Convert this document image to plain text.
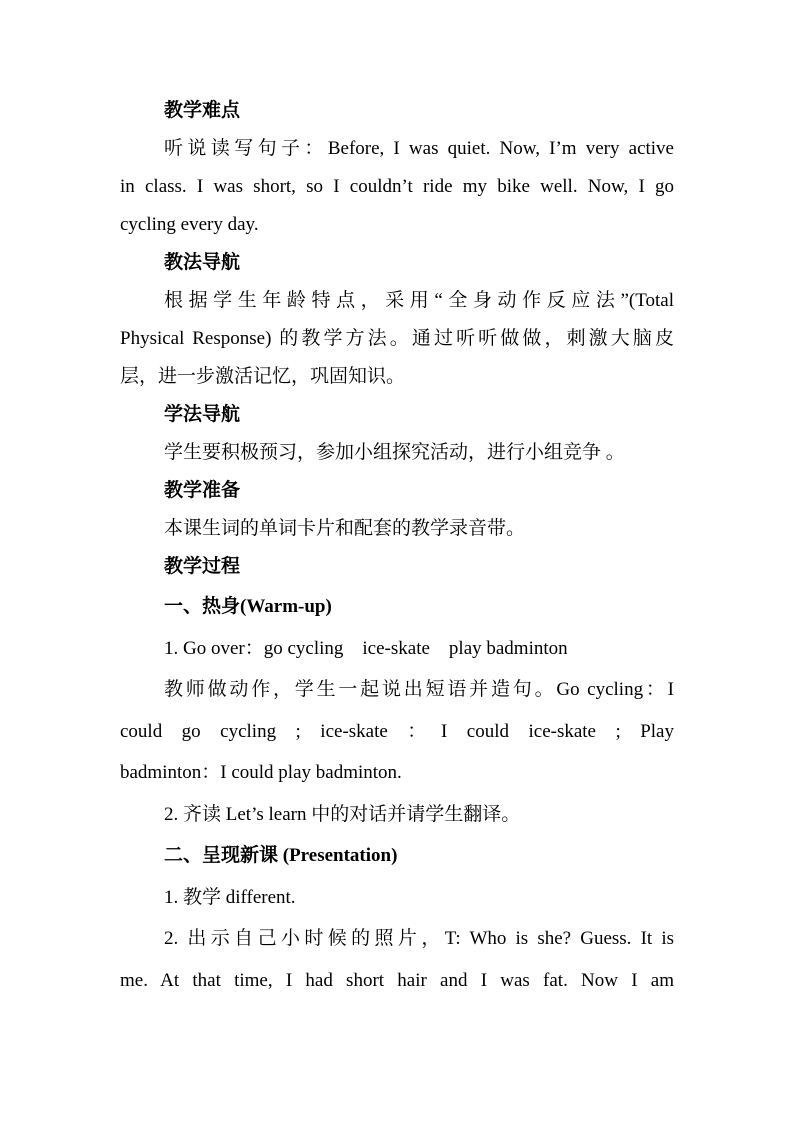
教学难点
听说读写句子：Before, I was quiet. Now, I’m very active
in class. I was short, so I couldn’t ride my bike well. Now, I go
cycling every day.
教法导航
根据学生年龄特点，采用“全身动作反应法”(Total
Physical Response) 的教学方法。通过听听做做，刺激大脑皮
层，进一步激活记忆，巩固知识。
学法导航
学生要积极预习，参加小组探究活动，进行小组竞争 。
教学准备
本课生词的单词卡片和配套的教学录音带。
教学过程
一、热身(Warm-up)
1. Go over：go cycling    ice-skate    play badminton
教师做动作，学生一起说出短语并造句。Go cycling：I
could go cycling ; ice-skate ：I could ice-skate ; Play
badminton：I could play badminton.
2. 齐读 Let’s learn 中的对话并请学生翻译。
二、呈现新课 (Presentation)
1. 教学 different.
2. 出示自己小时候的照片，T: Who is she? Guess. It is
me. At that time, I had short hair and I was fat. Now I am
